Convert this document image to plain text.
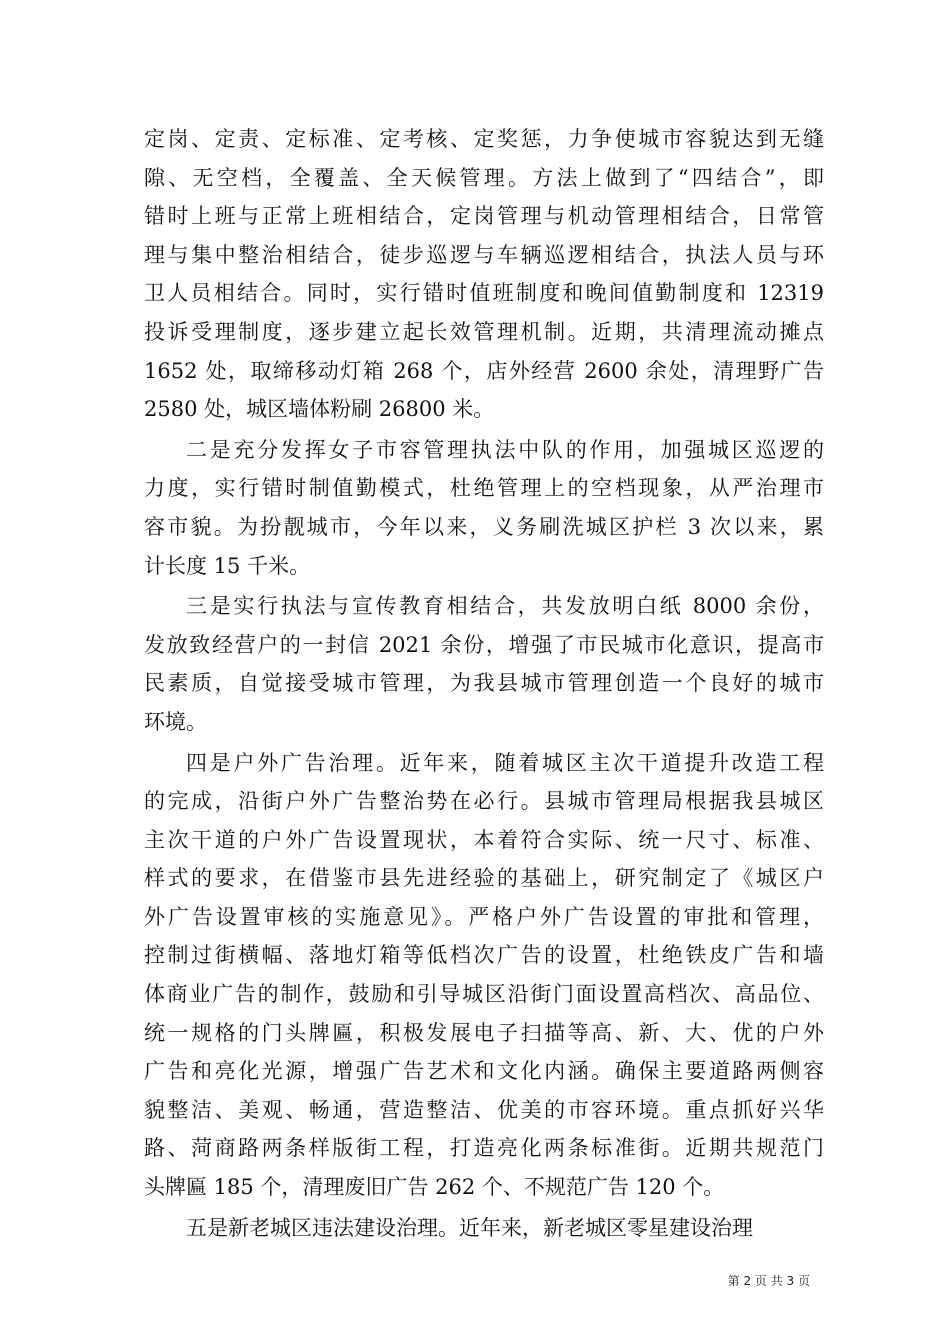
定岗、定责、定标准、定考核、定奖惩，力争使城市容貌达到无缝
隙、无空档，全覆盖、全天候管理。方法上做到了“四结合”，即
错时上班与正常上班相结合，定岗管理与机动管理相结合，日常管
理与集中整治相结合，徒步巡逻与车辆巡逻相结合，执法人员与环
卫人员相结合。同时，实行错时值班制度和晚间值勤制度和 12319
投诉受理制度，逐步建立起长效管理机制。近期，共清理流动摊点
1652 处，取缔移动灯箱 268 个，店外经营 2600 余处，清理野广告
2580 处，城区墙体粉刷 26800 米。
二是充分发挥女子市容管理执法中队的作用，加强城区巡逻的
力度，实行错时制值勤模式，杜绝管理上的空档现象，从严治理市
容市貌。为扮靓城市，今年以来，义务刷洗城区护栏 3 次以来，累
计长度 15 千米。
三是实行执法与宣传教育相结合，共发放明白纸 8000 余份，
发放致经营户的一封信 2021 余份，增强了市民城市化意识，提高市
民素质，自觉接受城市管理，为我县城市管理创造一个良好的城市
环境。
四是户外广告治理。近年来，随着城区主次干道提升改造工程
的完成，沿街户外广告整治势在必行。县城市管理局根据我县城区
主次干道的户外广告设置现状，本着符合实际、统一尺寸、标准、
样式的要求，在借鉴市县先进经验的基础上，研究制定了《城区户
外广告设置审核的实施意见》。严格户外广告设置的审批和管理，
控制过街横幅、落地灯箱等低档次广告的设置，杜绝铁皮广告和墙
体商业广告的制作，鼓励和引导城区沿街门面设置高档次、高品位、
统一规格的门头牌匾，积极发展电子扫描等高、新、大、优的户外
广告和亮化光源，增强广告艺术和文化内涵。确保主要道路两侧容
貌整洁、美观、畅通，营造整洁、优美的市容环境。重点抓好兴华
路、菏商路两条样版街工程，打造亮化两条标准街。近期共规范门
头牌匾 185 个，清理废旧广告 262 个、不规范广告 120 个。
五是新老城区违法建设治理。近年来，新老城区零星建设治理
第 2 页 共 3 页
